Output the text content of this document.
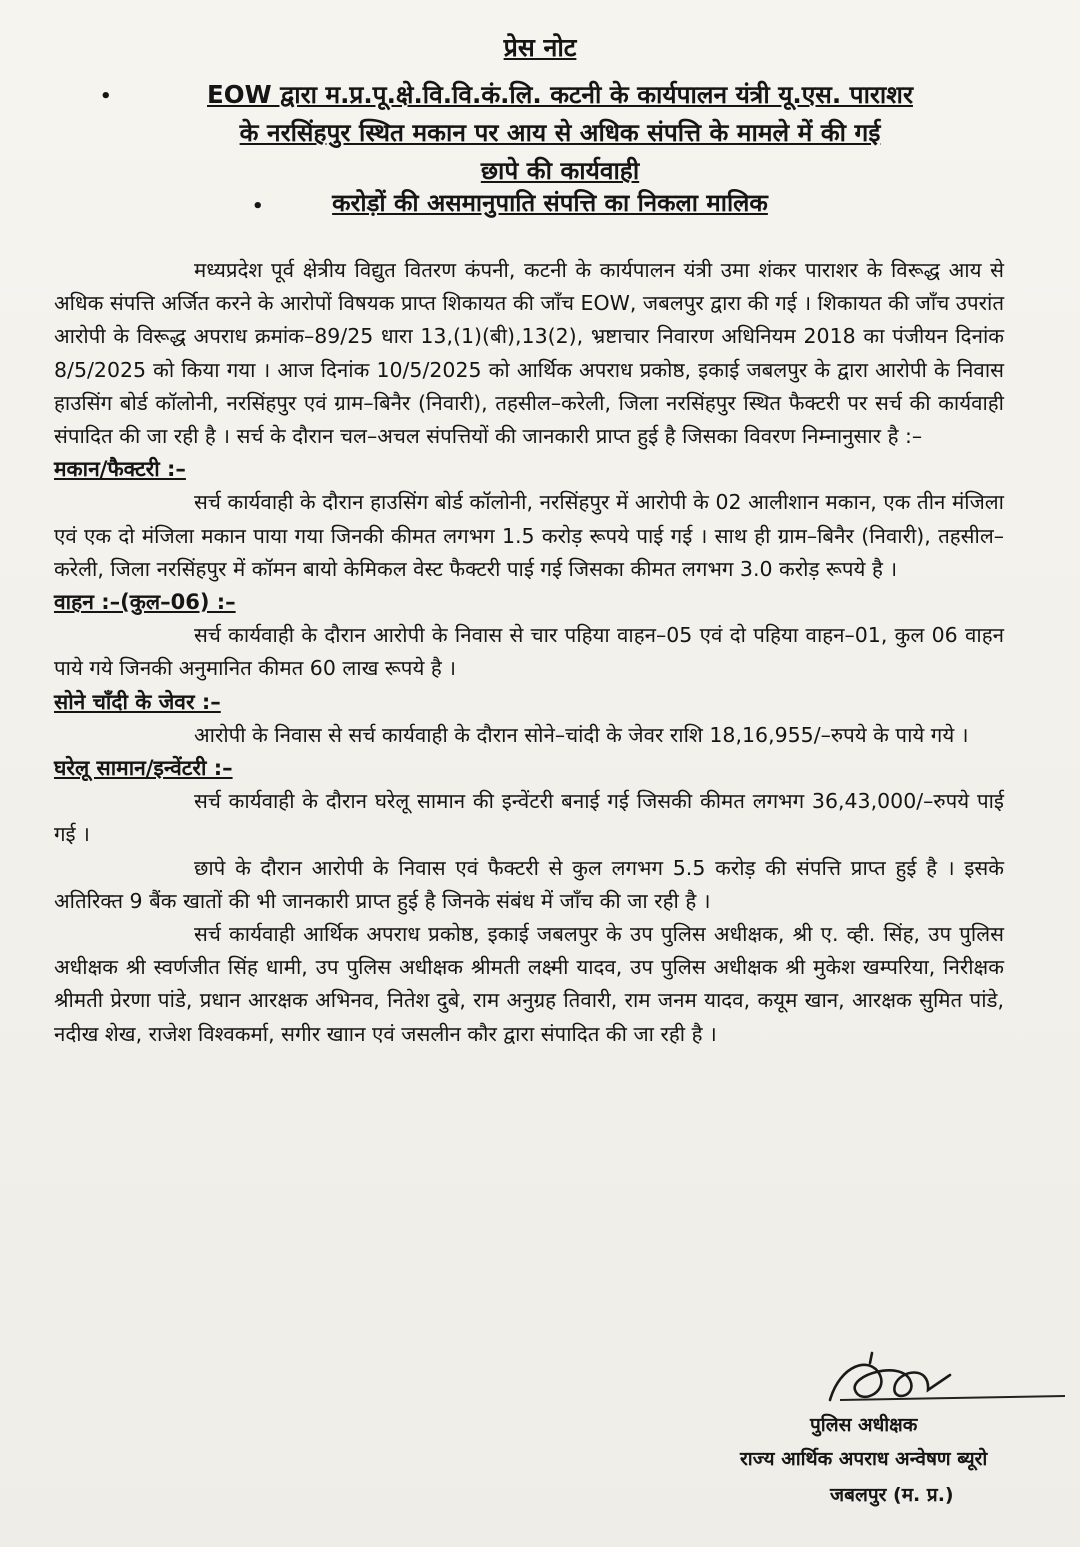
प्रेस नोट
•	EOW द्वारा म.प्र.पू.क्षे.वि.वि.कं.लि. कटनी के कार्यपालन यंत्री यू.एस. पाराशर
के नरसिंहपुर स्थित मकान पर आय से अधिक संपत्ति के मामले में की गई
छापे की कार्यवाही
•	करोड़ों की असमानुपाति संपत्ति का निकला मालिक

मध्यप्रदेश पूर्व क्षेत्रीय विद्युत वितरण कंपनी, कटनी के कार्यपालन यंत्री उमा शंकर पाराशर के विरूद्ध आय से अधिक संपत्ति अर्जित करने के आरोपों विषयक प्राप्त शिकायत की जाँच EOW, जबलपुर द्वारा की गई । शिकायत की जाँच उपरांत आरोपी के विरूद्ध अपराध क्रमांक–89/25 धारा 13,(1)(बी),13(2), भ्रष्टाचार निवारण अधिनियम 2018 का पंजीयन दिनांक 8/5/2025 को किया गया । आज दिनांक 10/5/2025 को आर्थिक अपराध प्रकोष्ठ, इकाई जबलपुर के द्वारा आरोपी के निवास हाउसिंग बोर्ड कॉलोनी, नरसिंहपुर एवं ग्राम–बिनैर (निवारी), तहसील–करेली, जिला नरसिंहपुर स्थित फैक्टरी पर सर्च की कार्यवाही संपादित की जा रही है । सर्च के दौरान चल–अचल संपत्तियों की जानकारी प्राप्त हुई है जिसका विवरण निम्नानुसार है :–

मकान/फैक्टरी :–

सर्च कार्यवाही के दौरान हाउसिंग बोर्ड कॉलोनी, नरसिंहपुर में आरोपी के 02 आलीशान मकान, एक तीन मंजिला एवं एक दो मंजिला मकान पाया गया जिनकी कीमत लगभग 1.5 करोड़ रूपये पाई गई । साथ ही ग्राम–बिनैर (निवारी), तहसील–करेली, जिला नरसिंहपुर में कॉमन बायो केमिकल वेस्ट फैक्टरी पाई गई जिसका कीमत लगभग 3.0 करोड़ रूपये है ।

वाहन :–(कुल–06) :–

सर्च कार्यवाही के दौरान आरोपी के निवास से चार पहिया वाहन–05 एवं दो पहिया वाहन–01, कुल 06 वाहन पाये गये जिनकी अनुमानित कीमत 60 लाख रूपये है ।

सोने चाँदी के जेवर :–

आरोपी के निवास से सर्च कार्यवाही के दौरान सोने–चांदी के जेवर राशि 18,16,955/–रुपये के पाये गये ।

घरेलू सामान/इन्वेंटरी :–

सर्च कार्यवाही के दौरान घरेलू सामान की इन्वेंटरी बनाई गई जिसकी कीमत लगभग 36,43,000/–रुपये पाई गई ।

छापे के दौरान आरोपी के निवास एवं फैक्टरी से कुल लगभग 5.5 करोड़ की संपत्ति प्राप्त हुई है । इसके अतिरिक्त 9 बैंक खातों की भी जानकारी प्राप्त हुई है जिनके संबंध में जाँच की जा रही है ।

सर्च कार्यवाही आर्थिक अपराध प्रकोष्ठ, इकाई जबलपुर के उप पुलिस अधीक्षक, श्री ए. व्ही. सिंह, उप पुलिस अधीक्षक श्री स्वर्णजीत सिंह धामी, उप पुलिस अधीक्षक श्रीमती लक्ष्मी यादव, उप पुलिस अधीक्षक श्री मुकेश खम्परिया, निरीक्षक श्रीमती प्रेरणा पांडे, प्रधान आरक्षक अभिनव, नितेश दुबे, राम अनुग्रह तिवारी, राम जनम यादव, कयूम खान, आरक्षक सुमित पांडे, नदीख शेख, राजेश विश्वकर्मा, सगीर खाान एवं जसलीन कौर द्वारा संपादित की जा रही है ।

पुलिस अधीक्षक
राज्य आर्थिक अपराध अन्वेषण ब्यूरो
जबलपुर (म. प्र.)
